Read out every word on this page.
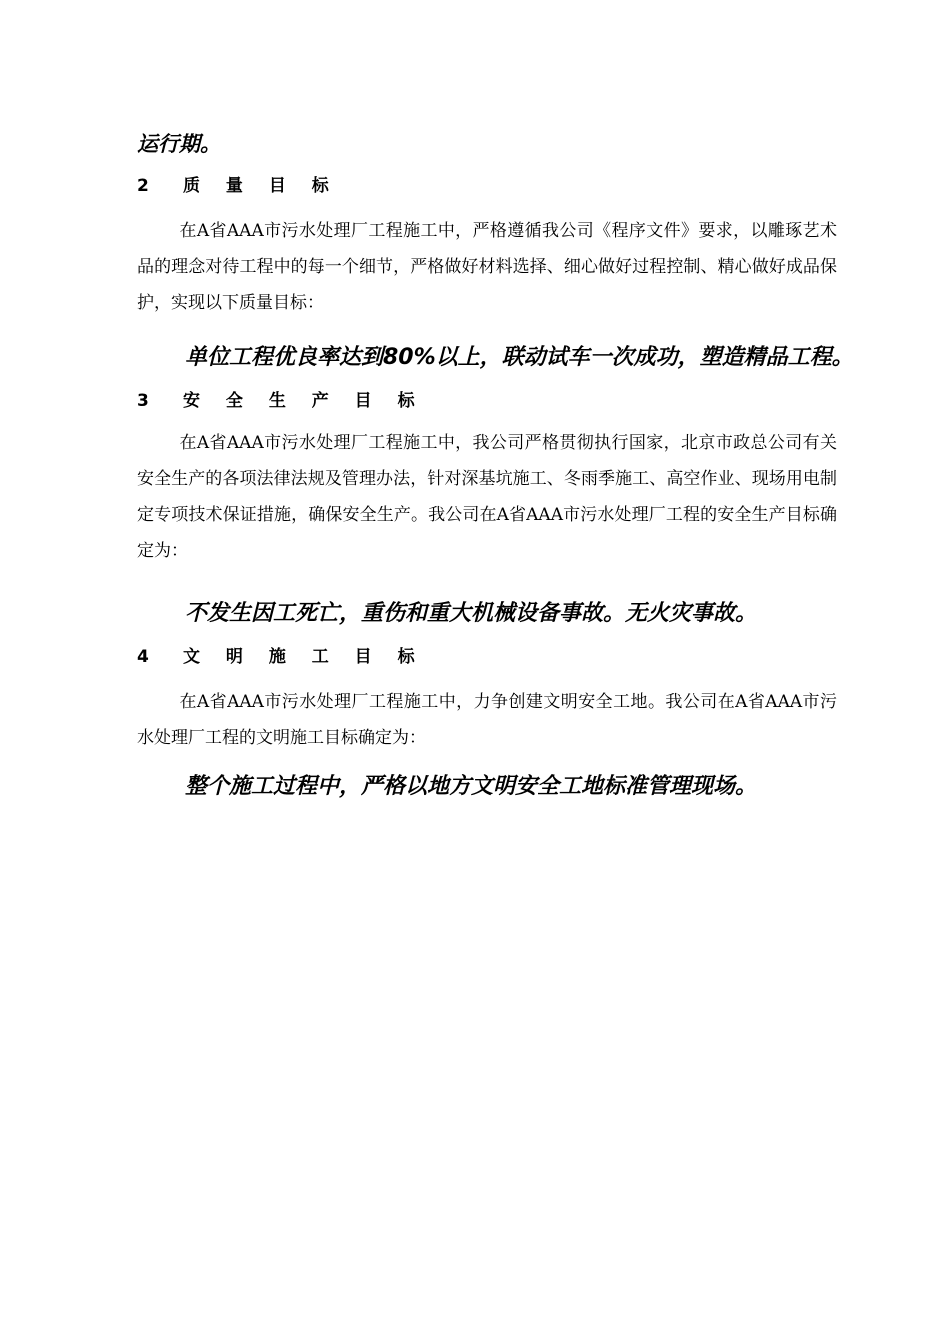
运行期。
2 质 量 目 标
在A省AAA市污水处理厂工程施工中，严格遵循我公司《程序文件》要求，以雕琢艺术品的理念对待工程中的每一个细节，严格做好材料选择、细心做好过程控制、精心做好成品保护，实现以下质量目标：
单位工程优良率达到80%以上，联动试车一次成功，塑造精品工程。
3 安 全 生 产 目 标
在A省AAA市污水处理厂工程施工中，我公司严格贯彻执行国家，北京市政总公司有关安全生产的各项法律法规及管理办法，针对深基坑施工、冬雨季施工、高空作业、现场用电制定专项技术保证措施，确保安全生产。我公司在A省AAA市污水处理厂工程的安全生产目标确定为：
不发生因工死亡，重伤和重大机械设备事故。无火灾事故。
4 文 明 施 工 目 标
在A省AAA市污水处理厂工程施工中，力争创建文明安全工地。我公司在A省AAA市污水处理厂工程的文明施工目标确定为：
整个施工过程中，严格以地方文明安全工地标准管理现场。
